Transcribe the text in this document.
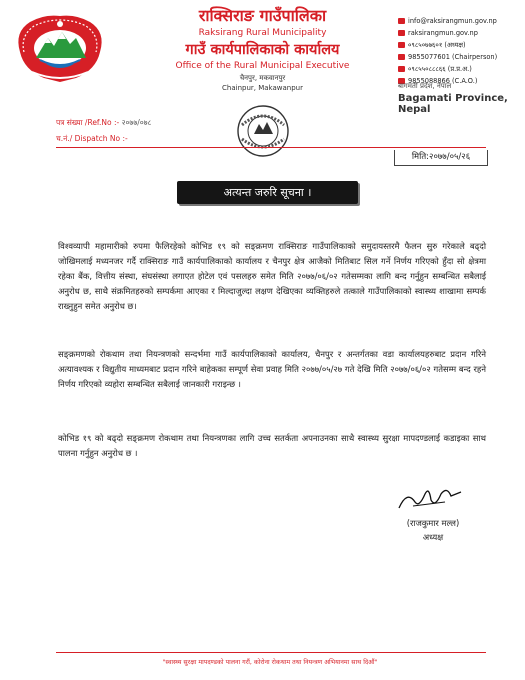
राक्सिराङ गाउँपालिका
Raksirang Rural Municipality
गाउँ कार्यपालिकाको कार्यालय
Office of the Rural Municipal Executive
चैनपुर, मकवानपुर
Chainpur, Makawanpur
info@raksirangmun.gov.np
raksirangmun.gov.np
०९८५०७७६०१ (अध्यक्ष)
9855077601 (Chairperson)
०९८५५०८८८६६ (प्र.प्र.अ.)
9855088866 (C.A.O.)
बागमती प्रदेश, नेपाल
Bagamati Province, Nepal
पत्र संख्या /Ref.No :- २०७७/०७८
च.नं./ Dispatch No :-
मिति:२०७७/०५/२६
अत्यन्त जरुरि सूचना ।
विश्वव्यापी महामारीको रुपमा फैलिरहेको कोभिड १९ को सङ्क्रमण राक्सिराङ गाउँपालिकाको समुदायस्तरमै फैलन सुरु गरेकाले बढ्दो जोखिमलाई मध्यनजर गर्दै राक्सिराङ गाउँ कार्यपालिकाको कार्यालय र चैनपुर क्षेत्र आजैको मितिबाट सिल गर्ने निर्णय गरिएको हुँदा सो क्षेत्रमा रहेका बैंक, वित्तीय संस्था, संघसंस्था लगाएत होटेल एवं पसलहरु समेत मिति २०७७/०६/०२ गतेसम्मका लागि बन्द गर्नुहुन सम्बन्धित सबैलाई अनुरोध छ, साथै संक्रमितहरुको सम्पर्कमा आएका र मिल्दाजुल्दा लक्षण देखिएका व्यक्तिहरुले तत्काले गाउँपालिकाको स्वास्थ्य शाखामा सम्पर्क राख्नुहुन समेत अनुरोध छ।
सङ्क्रमणको रोकथाम तथा नियन्त्रणको सन्दर्भमा गाउँ कार्यपालिकाको कार्यालय, चैनपुर र अन्तर्गतका वडा कार्यालयहरुबाट प्रदान गरिने अत्यावश्यक र विद्युतीय माध्यमबाट प्रदान गरिने बाहेकका सम्पूर्ण सेवा प्रवाह मिति २०७७/०५/२७ गते देखि मिति २०७७/०६/०२ गतेसम्म बन्द रहने निर्णय गरिएको व्यहोरा सम्बन्धित सबैलाई जानकारी गराइन्छ ।
कोभिड १९ को बढ्दो सङ्क्रमण रोकथाम तथा नियन्त्रणका लागि उच्च सतर्कता अपनाउनका साथै स्वास्थ्य सुरक्षा मापदण्डलाई कडाइका साथ पालना गर्नुहुन अनुरोध छ ।
(राजकुमार मल्ल)
अध्यक्ष
"स्वास्थ्य सुरक्षा मापदण्डको पालना गरौं, कोरोना रोकथाम तथा नियन्त्रण अभियानमा साथ दिऔं"
